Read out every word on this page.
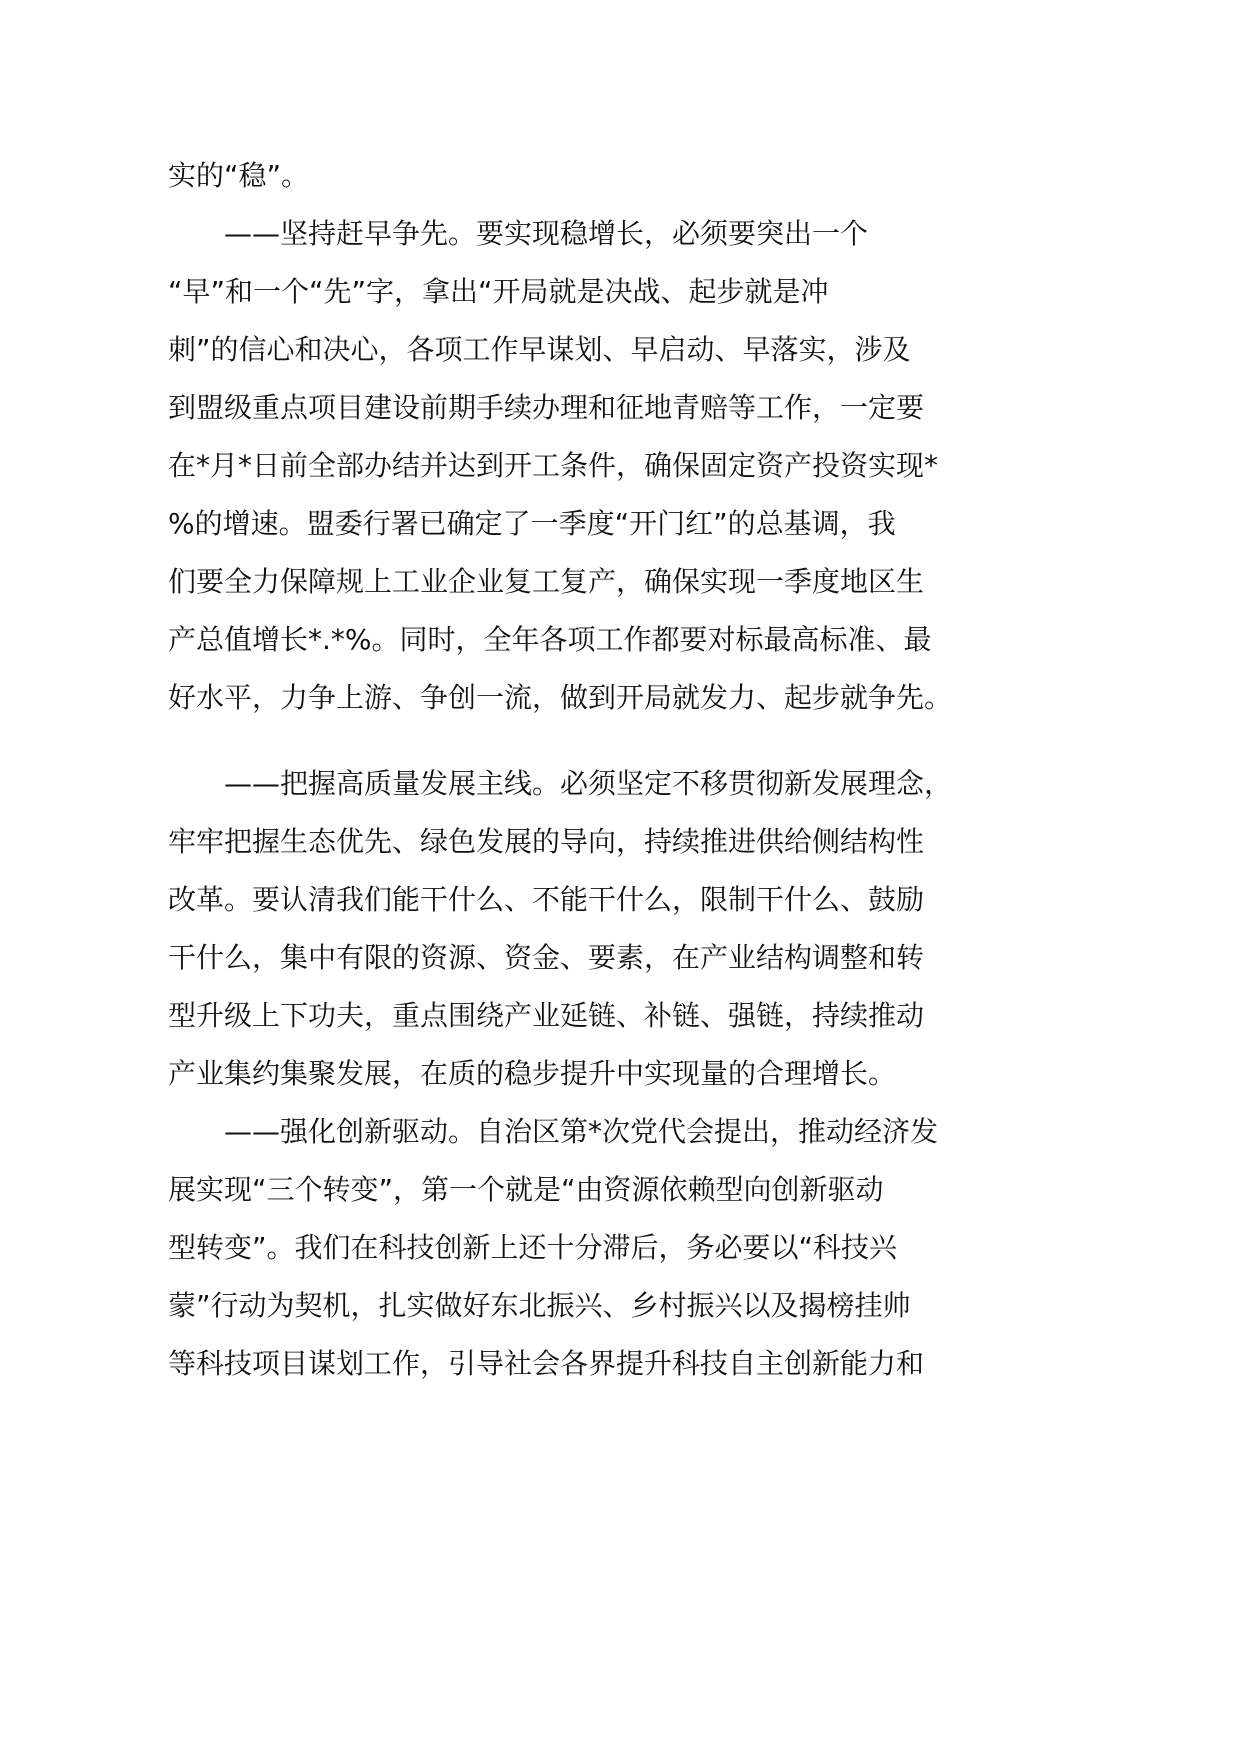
实的“稳”。
——坚持赶早争先。要实现稳增长，必须要突出一个
“早”和一个“先”字，拿出“开局就是决战、起步就是冲
刺”的信心和决心，各项工作早谋划、早启动、早落实，涉及
到盟级重点项目建设前期手续办理和征地青赔等工作，一定要
在*月*日前全部办结并达到开工条件，确保固定资产投资实现*
%的增速。盟委行署已确定了一季度“开门红”的总基调，我
们要全力保障规上工业企业复工复产，确保实现一季度地区生
产总值增长*.*%。同时，全年各项工作都要对标最高标准、最
好水平，力争上游、争创一流，做到开局就发力、起步就争先。
——把握高质量发展主线。必须坚定不移贯彻新发展理念，
牢牢把握生态优先、绿色发展的导向，持续推进供给侧结构性
改革。要认清我们能干什么、不能干什么，限制干什么、鼓励
干什么，集中有限的资源、资金、要素，在产业结构调整和转
型升级上下功夫，重点围绕产业延链、补链、强链，持续推动
产业集约集聚发展，在质的稳步提升中实现量的合理增长。
——强化创新驱动。自治区第*次党代会提出，推动经济发
展实现“三个转变”，第一个就是“由资源依赖型向创新驱动
型转变”。我们在科技创新上还十分滞后，务必要以“科技兴
蒙”行动为契机，扎实做好东北振兴、乡村振兴以及揭榜挂帅
等科技项目谋划工作，引导社会各界提升科技自主创新能力和
